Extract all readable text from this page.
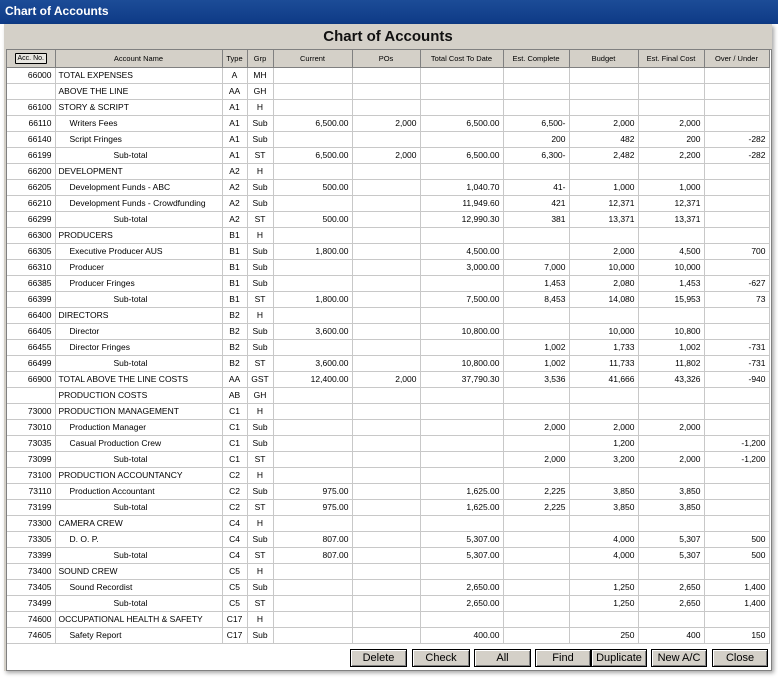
Chart of Accounts
Chart of Accounts
Acc. No.	Account Name	Type	Grp	Current	POs	Total Cost To Date	Est. Complete	Budget	Est. Final Cost	Over / Under
66000	TOTAL EXPENSES	A	MH							
	ABOVE THE LINE	AA	GH							
66100	STORY & SCRIPT	A1	H							
66110	Writers Fees	A1	Sub	6,500.00	2,000	6,500.00	6,500-	2,000	2,000	
66140	Script Fringes	A1	Sub				200	482	200	-282
66199	Sub-total	A1	ST	6,500.00	2,000	6,500.00	6,300-	2,482	2,200	-282
66200	DEVELOPMENT	A2	H							
66205	Development Funds - ABC	A2	Sub	500.00		1,040.70	41-	1,000	1,000	
66210	Development Funds - Crowdfunding	A2	Sub			11,949.60	421	12,371	12,371	
66299	Sub-total	A2	ST	500.00		12,990.30	381	13,371	13,371	
66300	PRODUCERS	B1	H							
66305	Executive Producer AUS	B1	Sub	1,800.00		4,500.00		2,000	4,500	700
66310	Producer	B1	Sub			3,000.00	7,000	10,000	10,000	
66385	Producer Fringes	B1	Sub				1,453	2,080	1,453	-627
66399	Sub-total	B1	ST	1,800.00		7,500.00	8,453	14,080	15,953	73
66400	DIRECTORS	B2	H							
66405	Director	B2	Sub	3,600.00		10,800.00		10,000	10,800	
66455	Director Fringes	B2	Sub				1,002	1,733	1,002	-731
66499	Sub-total	B2	ST	3,600.00		10,800.00	1,002	11,733	11,802	-731
66900	TOTAL ABOVE THE LINE COSTS	AA	GST	12,400.00	2,000	37,790.30	3,536	41,666	43,326	-940
	PRODUCTION COSTS	AB	GH							
73000	PRODUCTION MANAGEMENT	C1	H							
73010	Production Manager	C1	Sub				2,000	2,000	2,000	
73035	Casual Production Crew	C1	Sub					1,200		-1,200
73099	Sub-total	C1	ST				2,000	3,200	2,000	-1,200
73100	PRODUCTION ACCOUNTANCY	C2	H							
73110	Production Accountant	C2	Sub	975.00		1,625.00	2,225	3,850	3,850	
73199	Sub-total	C2	ST	975.00		1,625.00	2,225	3,850	3,850	
73300	CAMERA CREW	C4	H							
73305	D. O. P.	C4	Sub	807.00		5,307.00		4,000	5,307	500
73399	Sub-total	C4	ST	807.00		5,307.00		4,000	5,307	500
73400	SOUND CREW	C5	H							
73405	Sound Recordist	C5	Sub			2,650.00		1,250	2,650	1,400
73499	Sub-total	C5	ST			2,650.00		1,250	2,650	1,400
74600	OCCUPATIONAL HEALTH & SAFETY	C17	H							
74605	Safety Report	C17	Sub			400.00		250	400	150
Delete	Check	All	Find	Duplicate	New A/C	Close
